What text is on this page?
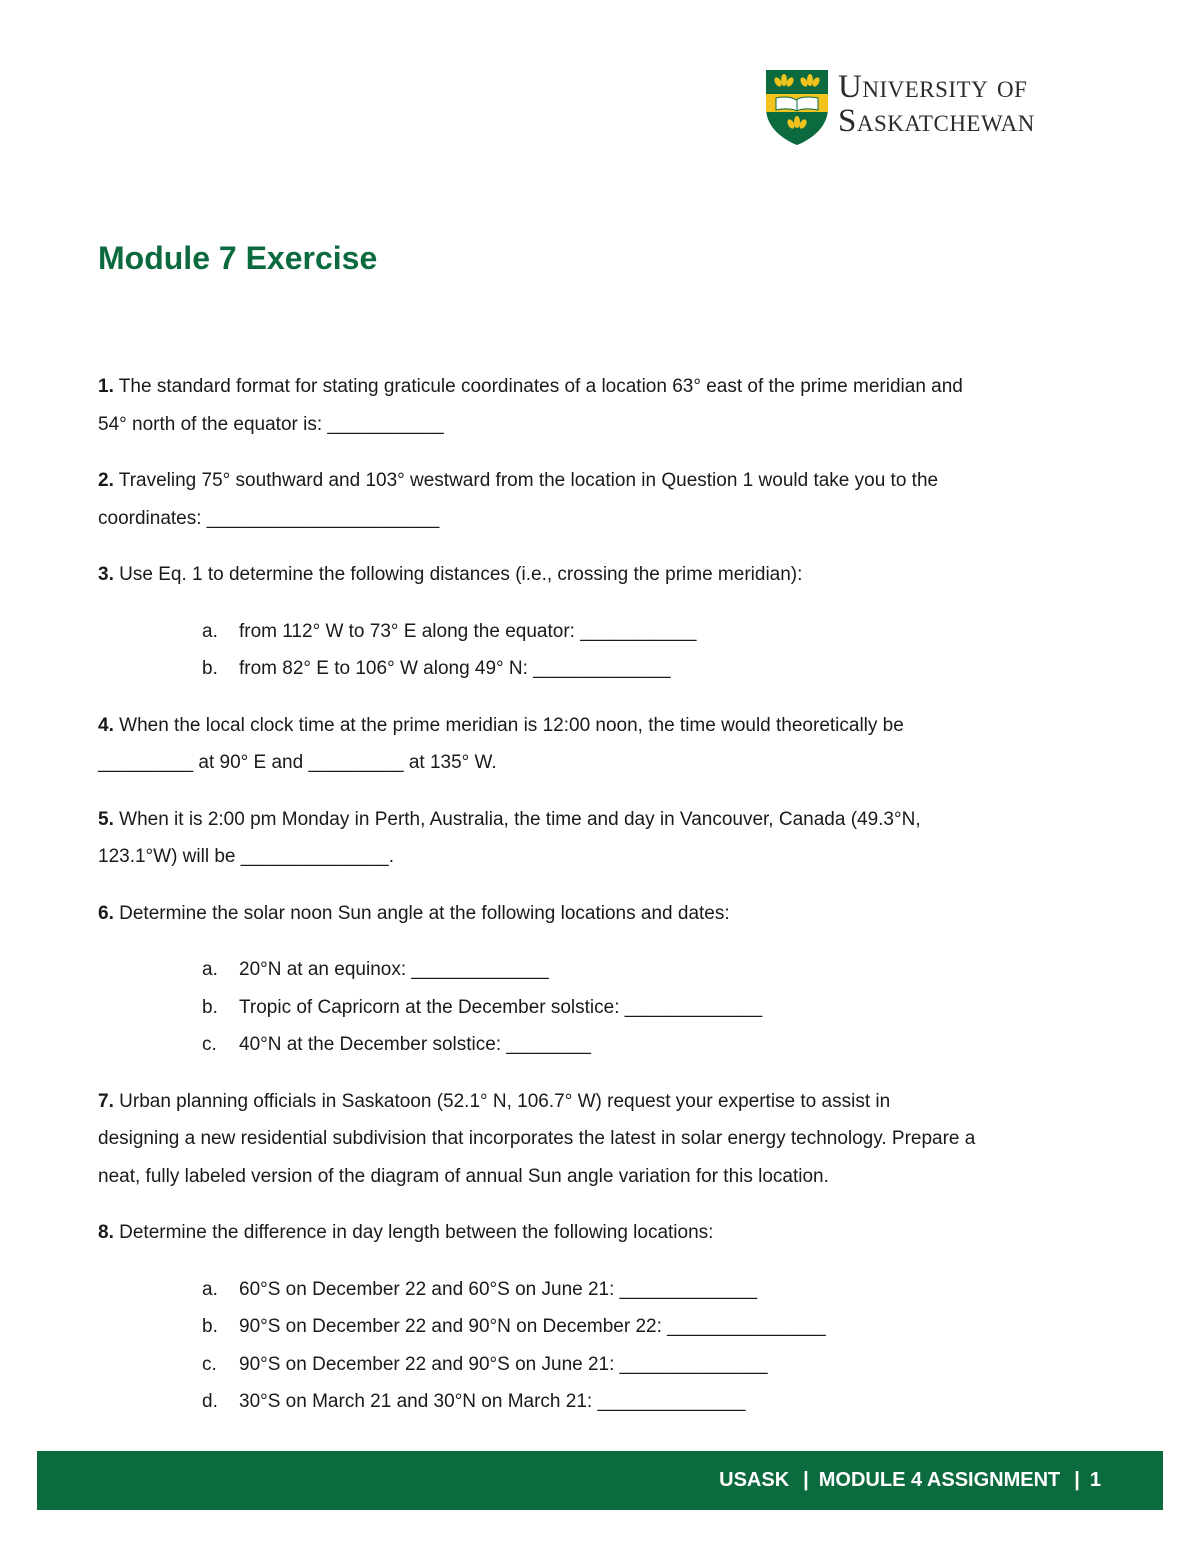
University of
Saskatchewan
Module 7 Exercise

1. The standard format for stating graticule coordinates of a location 63° east of the prime meridian and
54° north of the equator is: ___________

2. Traveling 75° southward and 103° westward from the location in Question 1 would take you to the
coordinates: ______________________

3. Use Eq. 1 to determine the following distances (i.e., crossing the prime meridian):

a. from 112° W to 73° E along the equator: ___________
b. from 82° E to 106° W along 49° N: _____________

4. When the local clock time at the prime meridian is 12:00 noon, the time would theoretically be
_________ at 90° E and _________ at 135° W.

5. When it is 2:00 pm Monday in Perth, Australia, the time and day in Vancouver, Canada (49.3°N,
123.1°W) will be ______________.

6. Determine the solar noon Sun angle at the following locations and dates:

a. 20°N at an equinox: _____________
b. Tropic of Capricorn at the December solstice: _____________
c. 40°N at the December solstice: ________

7. Urban planning officials in Saskatoon (52.1° N, 106.7° W) request your expertise to assist in
designing a new residential subdivision that incorporates the latest in solar energy technology. Prepare a
neat, fully labeled version of the diagram of annual Sun angle variation for this location.

8. Determine the difference in day length between the following locations:

a. 60°S on December 22 and 60°S on June 21: _____________
b. 90°S on December 22 and 90°N on December 22: _______________
c. 90°S on December 22 and 90°S on June 21: ______________
d. 30°S on March 21 and 30°N on March 21: ______________
USASK | MODULE 4 ASSIGNMENT | 1
